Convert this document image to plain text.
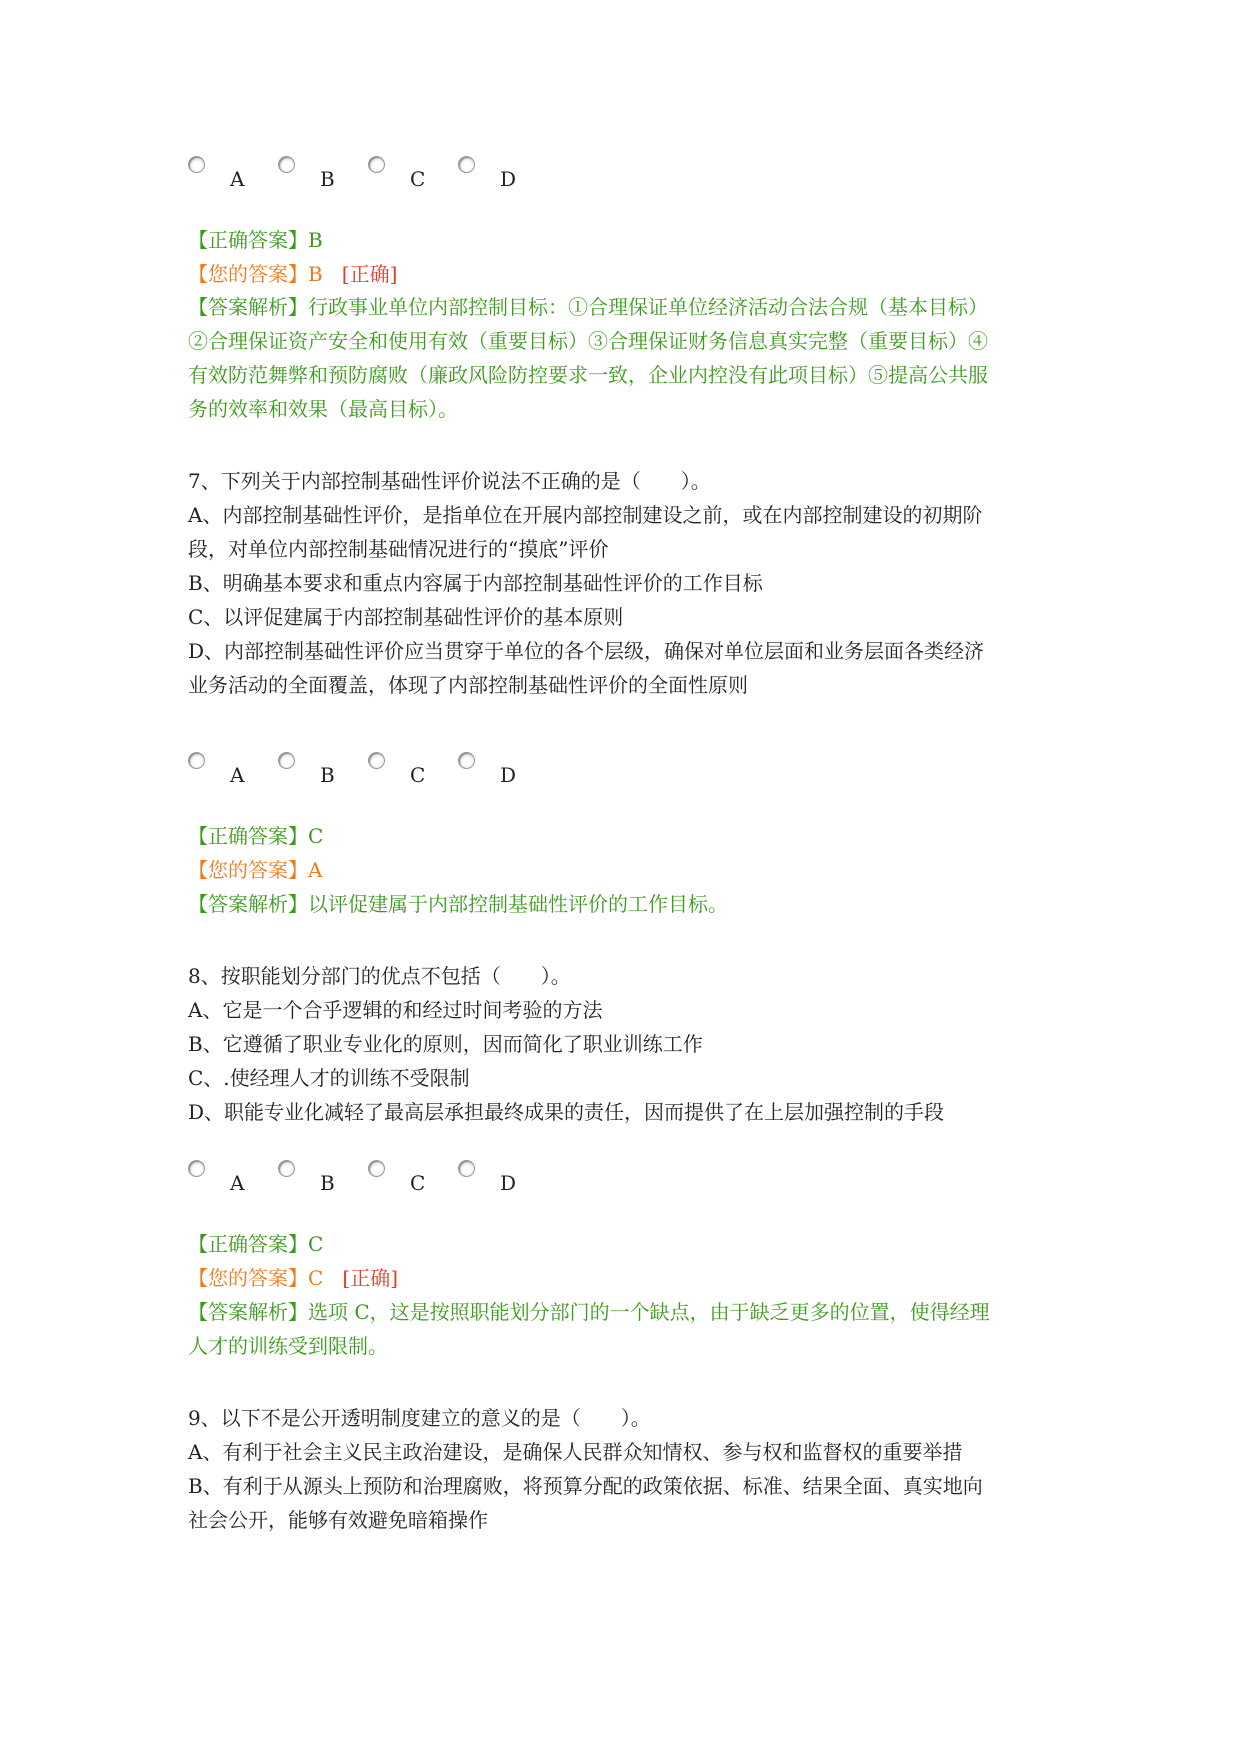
A	B	C	D
【正确答案】B
【您的答案】B [正确]
【答案解析】行政事业单位内部控制目标：①合理保证单位经济活动合法合规（基本目标）
②合理保证资产安全和使用有效（重要目标）③合理保证财务信息真实完整（重要目标）④
有效防范舞弊和预防腐败（廉政风险防控要求一致，企业内控没有此项目标）⑤提高公共服
务的效率和效果（最高目标）。
7、下列关于内部控制基础性评价说法不正确的是（　　）。
A、内部控制基础性评价，是指单位在开展内部控制建设之前，或在内部控制建设的初期阶
段，对单位内部控制基础情况进行的“摸底”评价
B、明确基本要求和重点内容属于内部控制基础性评价的工作目标
C、以评促建属于内部控制基础性评价的基本原则
D、内部控制基础性评价应当贯穿于单位的各个层级，确保对单位层面和业务层面各类经济
业务活动的全面覆盖，体现了内部控制基础性评价的全面性原则
A	B	C	D
【正确答案】C
【您的答案】A
【答案解析】以评促建属于内部控制基础性评价的工作目标。
8、按职能划分部门的优点不包括（　　）。
A、它是一个合乎逻辑的和经过时间考验的方法
B、它遵循了职业专业化的原则，因而简化了职业训练工作
C、.使经理人才的训练不受限制
D、职能专业化减轻了最高层承担最终成果的责任，因而提供了在上层加强控制的手段
A	B	C	D
【正确答案】C
【您的答案】C [正确]
【答案解析】选项 C，这是按照职能划分部门的一个缺点，由于缺乏更多的位置，使得经理
人才的训练受到限制。
9、以下不是公开透明制度建立的意义的是（　　）。
A、有利于社会主义民主政治建设，是确保人民群众知情权、参与权和监督权的重要举措
B、有利于从源头上预防和治理腐败，将预算分配的政策依据、标准、结果全面、真实地向
社会公开，能够有效避免暗箱操作
